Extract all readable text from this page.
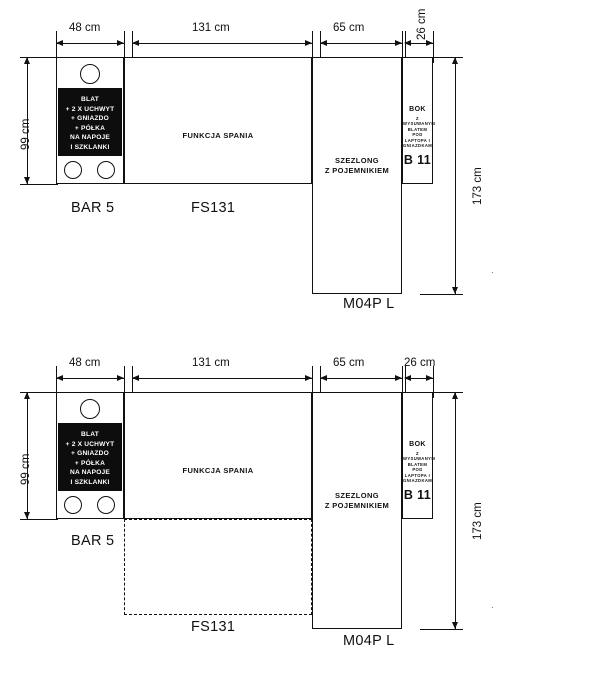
48 cm	131 cm	65 cm	26 cm
99 cm
173 cm
BLAT
+ 2 X UCHWYT
+ GNIAZDO
+ PÓŁKA
NA NAPOJE
I SZKLANKI
FUNKCJA SPANIA
SZEZLONG
Z POJEMNIKIEM
BOK
Z WYSUWANYM BLATEM POD LAPTOPA I GNIAZDKAMI
B 11
BAR 5	FS131
M04P L
·
48 cm	131 cm	65 cm	26 cm
99 cm
173 cm
BLAT
+ 2 X UCHWYT
+ GNIAZDO
+ PÓŁKA
NA NAPOJE
I SZKLANKI
FUNKCJA SPANIA
SZEZLONG
Z POJEMNIKIEM
BOK
Z WYSUWANYM BLATEM POD LAPTOPA I GNIAZDKAMI
B 11
BAR 5
FS131
M04P L
·
